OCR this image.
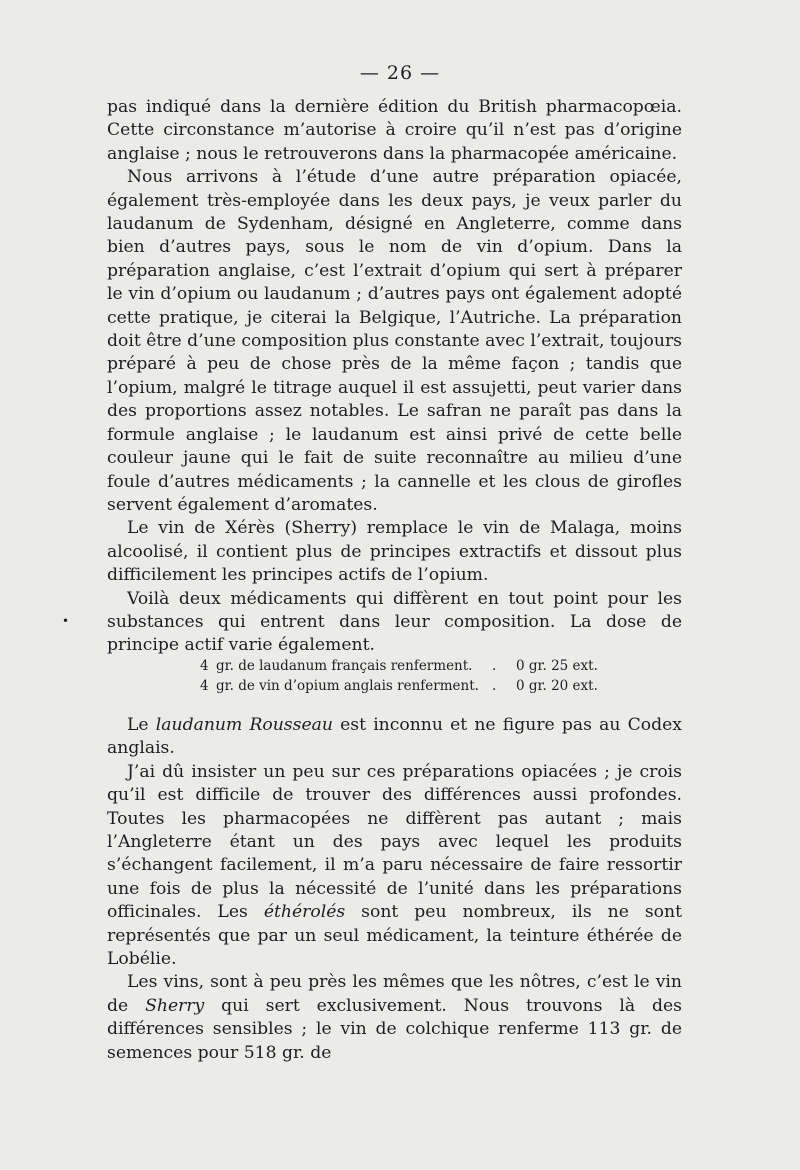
— 26 —

pas indiqué dans la dernière édition du British pharmacopœia. Cette circonstance m’autorise à croire qu’il n’est pas d’origine anglaise ; nous le retrouverons dans la pharmacopée américaine.

Nous arrivons à l’étude d’une autre préparation opiacée, également très-employée dans les deux pays, je veux parler du laudanum de Sydenham, désigné en Angleterre, comme dans bien d’autres pays, sous le nom de vin d’opium. Dans la préparation anglaise, c’est l’extrait d’opium qui sert à préparer le vin d’opium ou laudanum ; d’autres pays ont également adopté cette pratique, je citerai la Belgique, l’Autriche. La préparation doit être d’une composition plus constante avec l’extrait, toujours préparé à peu de chose près de la même façon ; tandis que l’opium, malgré le titrage auquel il est assujetti, peut varier dans des proportions assez notables. Le safran ne paraît pas dans la formule anglaise ; le laudanum est ainsi privé de cette belle couleur jaune qui le fait de suite reconnaître au milieu d’une foule d’autres médicaments ; la cannelle et les clous de girofles servent également d’aromates.

Le vin de Xérès (Sherry) remplace le vin de Malaga, moins alcoolisé, il contient plus de principes extractifs et dissout plus difficilement les principes actifs de l’opium.

Voilà deux médicaments qui diffèrent en tout point pour les substances qui entrent dans leur composition. La dose de principe actif varie également.

•
4	gr. de laudanum français renferment.	.	0 gr. 25 ext.
4	gr. de vin d’opium anglais renferment.	.	0 gr. 20 ext.

Le laudanum Rousseau est inconnu et ne figure pas au Codex anglais.

J’ai dû insister un peu sur ces préparations opiacées ; je crois qu’il est difficile de trouver des différences aussi profondes. Toutes les pharmacopées ne diffèrent pas autant ; mais l’Angleterre étant un des pays avec lequel les produits s’échangent facilement, il m’a paru nécessaire de faire ressortir une fois de plus la nécessité de l’unité dans les préparations officinales. Les éthérolés sont peu nombreux, ils ne sont représentés que par un seul médicament, la teinture éthérée de Lobélie.

Les vins, sont à peu près les mêmes que les nôtres, c’est le vin de Sherry qui sert exclusivement. Nous trouvons là des différences sensibles ; le vin de colchique renferme 113 gr. de semences pour 518 gr. de
